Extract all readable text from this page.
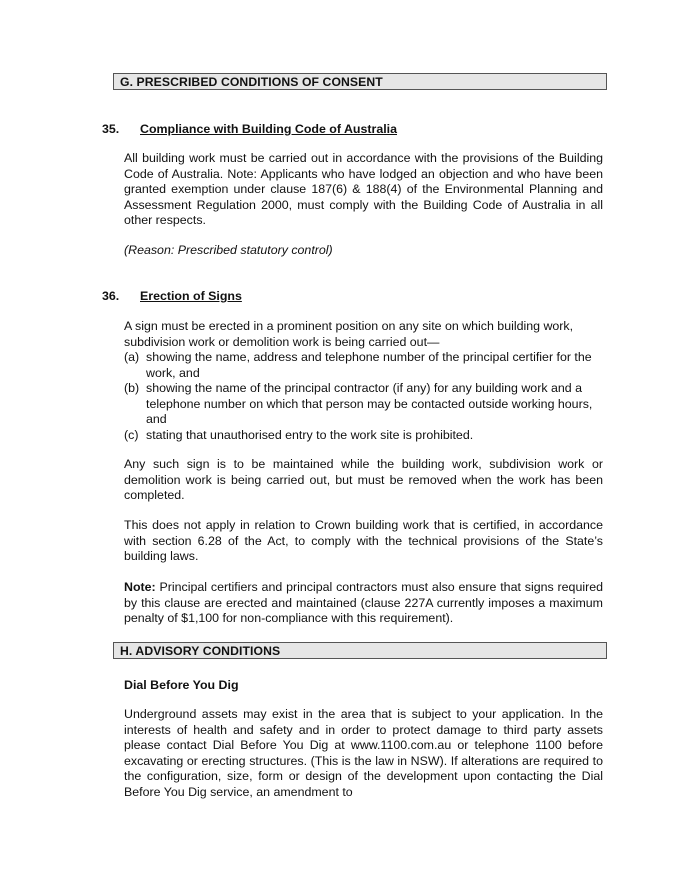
G. PRESCRIBED CONDITIONS OF CONSENT
35. Compliance with Building Code of Australia
All building work must be carried out in accordance with the provisions of the Building Code of Australia. Note: Applicants who have lodged an objection and who have been granted exemption under clause 187(6) & 188(4) of the Environmental Planning and Assessment Regulation 2000, must comply with the Building Code of Australia in all other respects.
(Reason: Prescribed statutory control)
36. Erection of Signs
A sign must be erected in a prominent position on any site on which building work, subdivision work or demolition work is being carried out—
(a) showing the name, address and telephone number of the principal certifier for the work, and
(b) showing the name of the principal contractor (if any) for any building work and a telephone number on which that person may be contacted outside working hours, and
(c) stating that unauthorised entry to the work site is prohibited.
Any such sign is to be maintained while the building work, subdivision work or demolition work is being carried out, but must be removed when the work has been completed.
This does not apply in relation to Crown building work that is certified, in accordance with section 6.28 of the Act, to comply with the technical provisions of the State’s building laws.
Note: Principal certifiers and principal contractors must also ensure that signs required by this clause are erected and maintained (clause 227A currently imposes a maximum penalty of $1,100 for non-compliance with this requirement).
H. ADVISORY CONDITIONS
Dial Before You Dig
Underground assets may exist in the area that is subject to your application. In the interests of health and safety and in order to protect damage to third party assets please contact Dial Before You Dig at www.1100.com.au or telephone 1100 before excavating or erecting structures. (This is the law in NSW). If alterations are required to the configuration, size, form or design of the development upon contacting the Dial Before You Dig service, an amendment to
